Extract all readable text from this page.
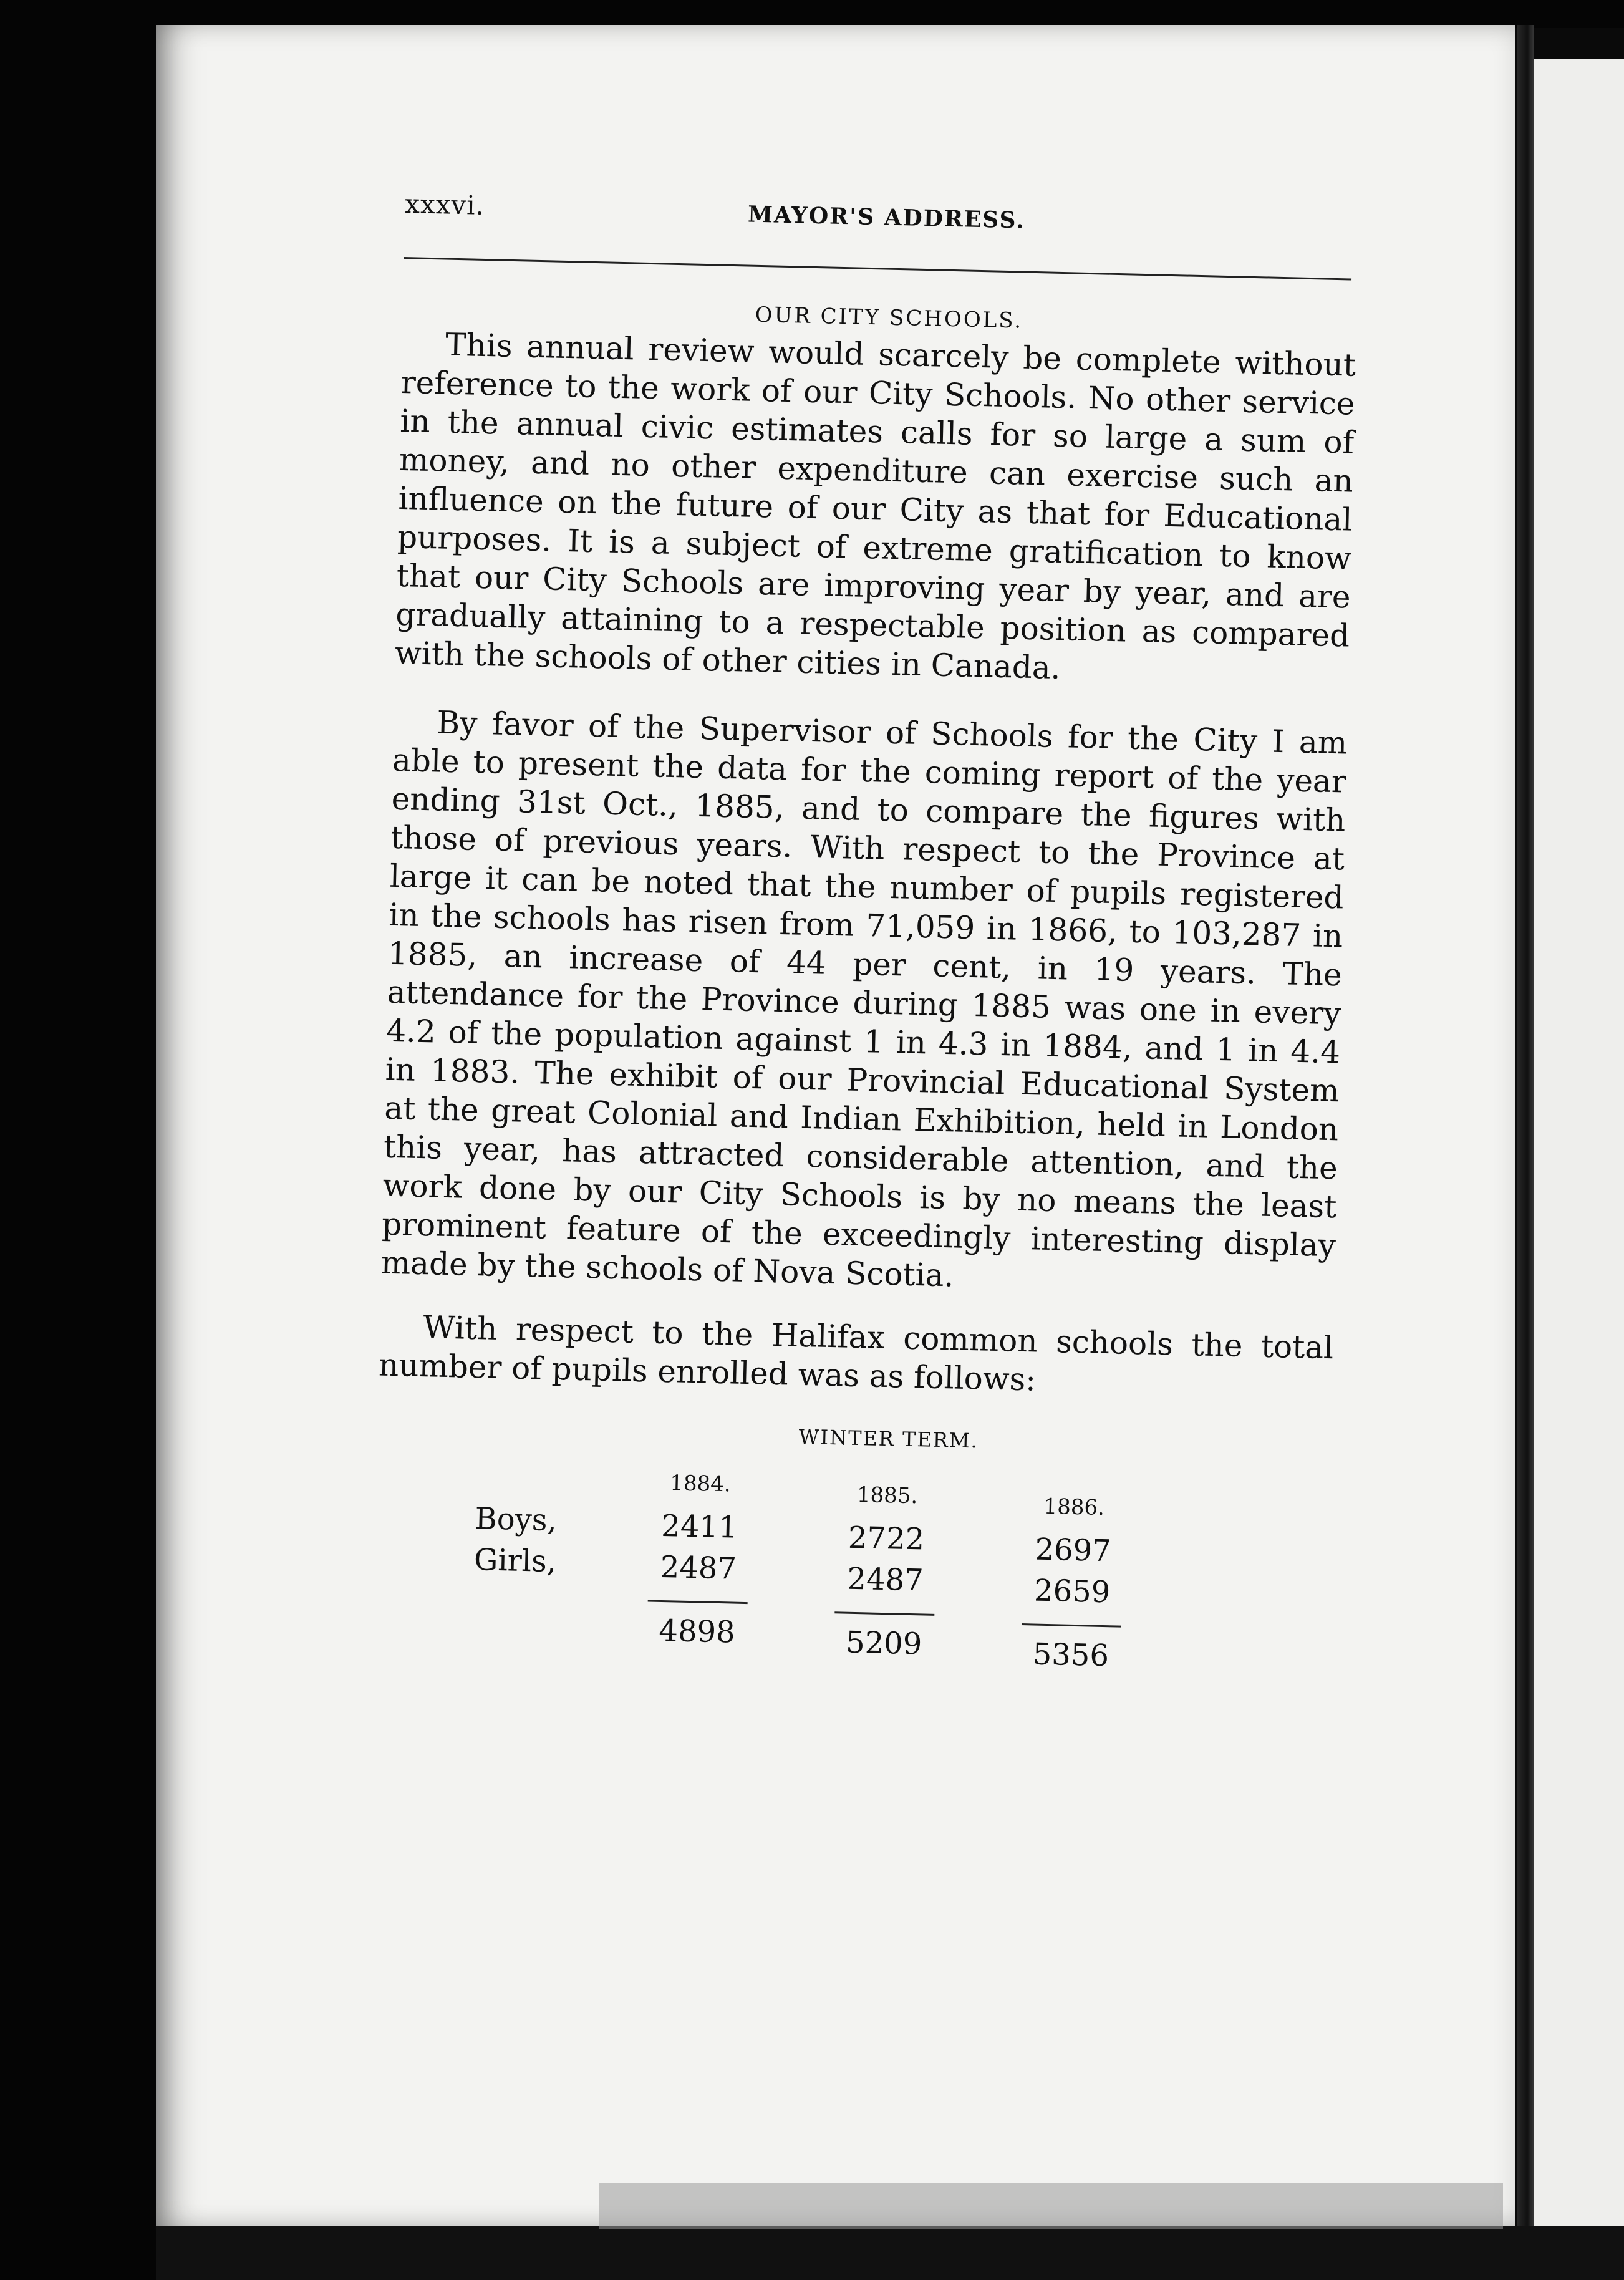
xxxvi.	MAYOR'S ADDRESS.
OUR CITY SCHOOLS.

This annual review would scarcely be complete without reference to the work of our City Schools. No other service in the annual civic estimates calls for so large a sum of money, and no other expenditure can exercise such an influence on the future of our City as that for Educational purposes. It is a subject of extreme gratification to know that our City Schools are improving year by year, and are gradually attaining to a respectable position as compared with the schools of other cities in Canada.

By favor of the Supervisor of Schools for the City I am able to present the data for the coming report of the year ending 31st Oct., 1885, and to compare the figures with those of previous years. With respect to the Province at large it can be noted that the number of pupils registered in the schools has risen from 71,059 in 1866, to 103,287 in 1885, an increase of 44 per cent, in 19 years. The attendance for the Province during 1885 was one in every 4.2 of the population against 1 in 4.3 in 1884, and 1 in 4.4 in 1883. The exhibit of our Provincial Educational System at the great Colonial and Indian Exhibition, held in London this year, has attracted considerable attention, and the work done by our City Schools is by no means the least prominent feature of the exceedingly interesting display made by the schools of Nova Scotia.

With respect to the Halifax common schools the total number of pupils enrolled was as follows:

WINTER TERM.
Boys,
Girls,
1884.
2411
2487
4898
1885.
2722
2487
5209
1886.
2697
2659
5356
